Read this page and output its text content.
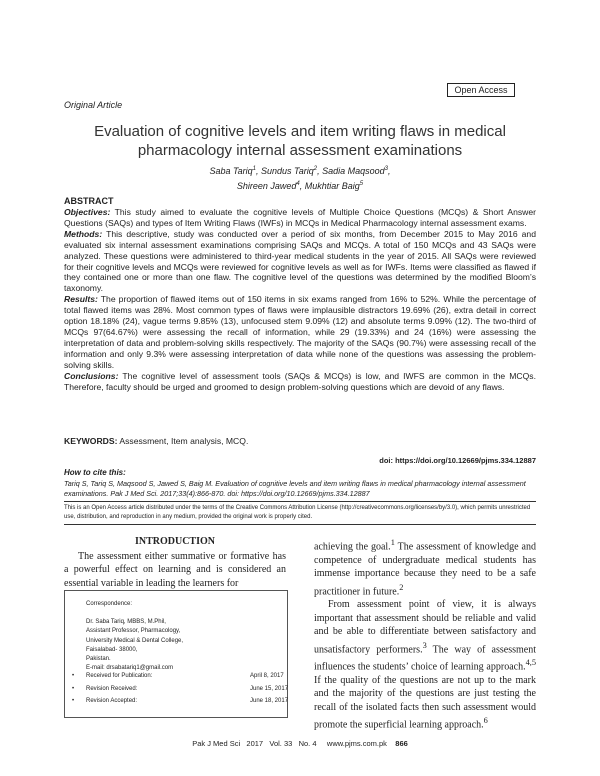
Open Access
Original Article
Evaluation of cognitive levels and item writing flaws in medical pharmacology internal assessment examinations
Saba Tariq$^1$, Sundus Tariq$^2$, Sadia Maqsood$^3$,
Shireen Jawed$^4$, Mukhtiar Baig$^5$
ABSTRACT

Objectives: This study aimed to evaluate the cognitive levels of Multiple Choice Questions (MCQs) & Short Answer Questions (SAQs) and types of Item Writing Flaws (IWFs) in MCQs in Medical Pharmacology internal assessment exams.

Methods: This descriptive, study was conducted over a period of six months, from December 2015 to May 2016 and evaluated six internal assessment examinations comprising SAQs and MCQs. A total of 150 MCQs and 43 SAQs were analyzed. These questions were administered to third-year medical students in the year of 2015. All SAQs were reviewed for their cognitive levels and MCQs were reviewed for cognitive levels as well as for IWFs. Items were classified as flawed if they contained one or more than one flaw. The cognitive level of the questions was determined by the modified Bloom’s taxonomy.

Results: The proportion of flawed items out of 150 items in six exams ranged from 16% to 52%. While the percentage of total flawed items was 28%. Most common types of flaws were implausible distractors 19.69% (26), extra detail in correct option 18.18% (24), vague terms 9.85% (13), unfocused stem 9.09% (12) and absolute terms 9.09% (12). The two-third of MCQs 97(64.67%) were assessing the recall of information, while 29 (19.33%) and 24 (16%) were assessing the interpretation of data and problem-solving skills respectively. The majority of the SAQs (90.7%) were assessing recall of the information and only 9.3% were assessing interpretation of data while none of the questions was assessing the problem-solving skills.

Conclusions: The cognitive level of assessment tools (SAQs & MCQs) is low, and IWFS are common in the MCQs. Therefore, faculty should be urged and groomed to design problem-solving questions which are devoid of any flaws.

KEYWORDS: Assessment, Item analysis, MCQ.
doi: https://doi.org/10.12669/pjms.334.12887
How to cite this:
Tariq S, Tariq S, Maqsood S, Jawed S, Baig M. Evaluation of cognitive levels and item writing flaws in medical pharmacology internal assessment examinations. Pak J Med Sci. 2017;33(4):866-870. doi: https://doi.org/10.12669/pjms.334.12887
This is an Open Access article distributed under the terms of the Creative Commons Attribution License (http://creativecommons.org/licenses/by/3.0), which permits unrestricted use, distribution, and reproduction in any medium, provided the original work is properly cited.
INTRODUCTION

The assessment either summative or formative has a powerful effect on learning and is considered an essential variable in leading the learners for

Correspondence:
Dr. Saba Tariq, MBBS, M.Phil,
Assistant Professor, Pharmacology,
University Medical & Dental College,
Faisalabad- 38000,
Pakistan.
E-mail: drsabatariq1@gmail.com
• Received for Publication:	April 8, 2017
• Revision Received:	June 15, 2017
• Revision Accepted:	June 18, 2017

achieving the goal.$^1$ The assessment of knowledge and competence of undergraduate medical students has immense importance because they need to be a safe practitioner in future.$^2$

From assessment point of view, it is always important that assessment should be reliable and valid and be able to differentiate between satisfactory and unsatisfactory performers.$^3$ The way of assessment influences the students’ choice of learning approach.$^{4,5}$ If the quality of the questions are not up to the mark and the majority of the questions are just testing the recall of the isolated facts then such assessment would promote the superficial learning approach.$^6$

Pak J Med Sci 2017 Vol. 33 No. 4 www.pjms.com.pk 866
